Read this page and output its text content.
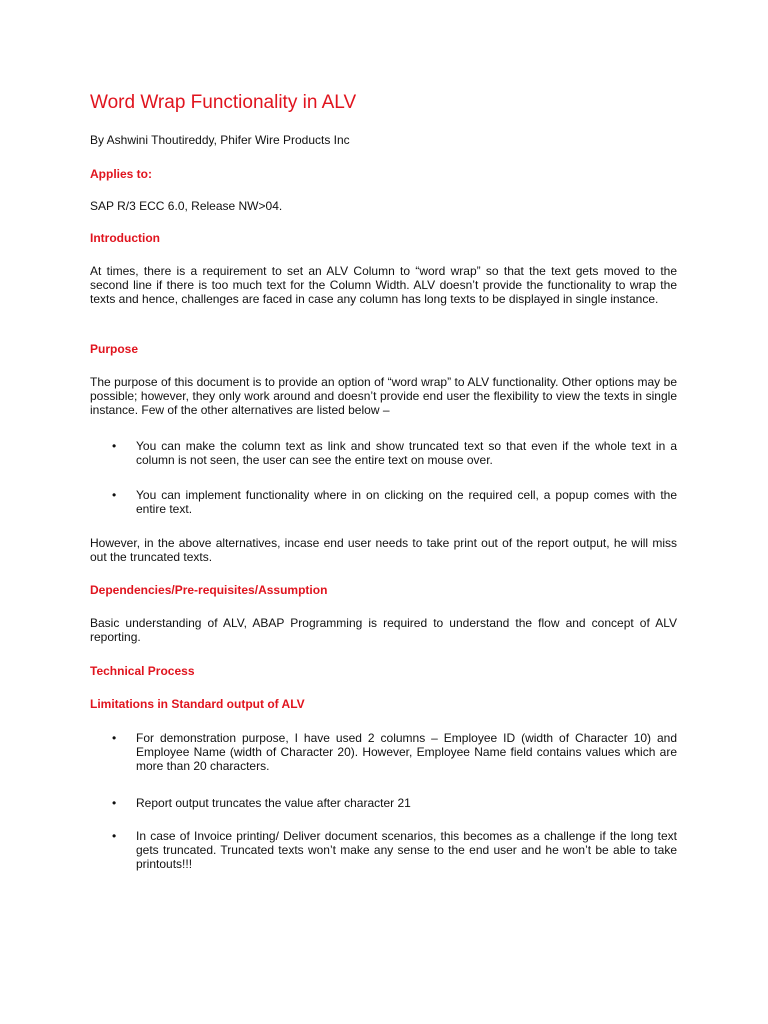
Word Wrap Functionality in ALV

By Ashwini Thoutireddy, Phifer Wire Products Inc

Applies to:

SAP R/3 ECC 6.0, Release NW>04.

Introduction

At times, there is a requirement to set an ALV Column to “word wrap” so that the text gets moved to the second line if there is too much text for the Column Width. ALV doesn’t provide the functionality to wrap the texts and hence, challenges are faced in case any column has long texts to be displayed in single instance.

Purpose

The purpose of this document is to provide an option of “word wrap” to ALV functionality. Other options may be possible; however, they only work around and doesn’t provide end user the flexibility to view the texts in single instance. Few of the other alternatives are listed below –

• You can make the column text as link and show truncated text so that even if the whole text in a column is not seen, the user can see the entire text on mouse over.

• You can implement functionality where in on clicking on the required cell, a popup comes with the entire text.

However, in the above alternatives, incase end user needs to take print out of the report output, he will miss out the truncated texts.

Dependencies/Pre-requisites/Assumption

Basic understanding of ALV, ABAP Programming is required to understand the flow and concept of ALV reporting.

Technical Process
Limitations in Standard output of ALV
• For demonstration purpose, I have used 2 columns – Employee ID (width of Character 10) and Employee Name (width of Character 20). However, Employee Name field contains values which are more than 20 characters.

• Report output truncates the value after character 21

• In case of Invoice printing/ Deliver document scenarios, this becomes as a challenge if the long text gets truncated. Truncated texts won’t make any sense to the end user and he won’t be able to take printouts!!!
